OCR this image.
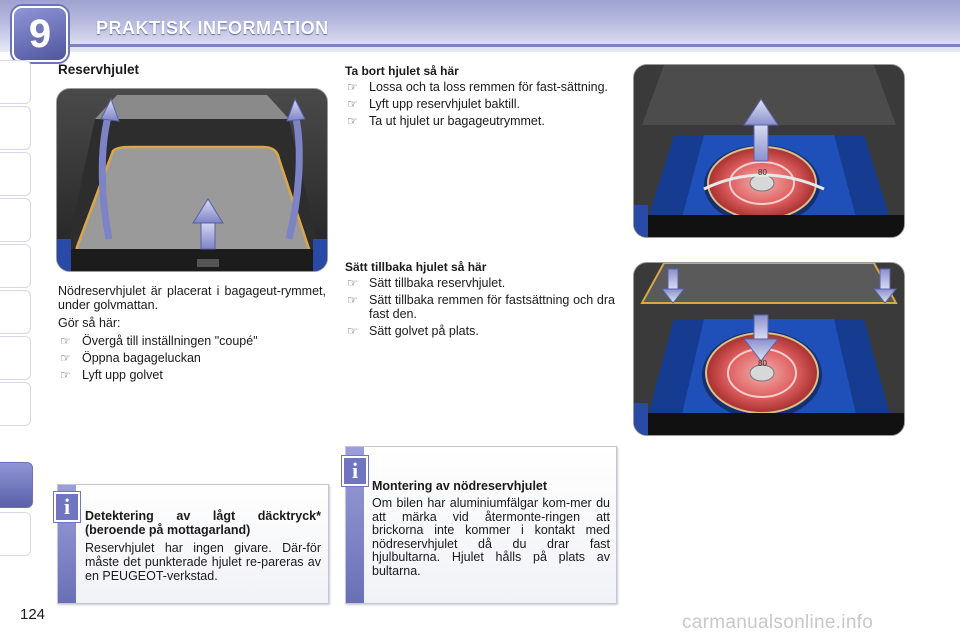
9	PRAKTISK INFORMATION
Reservhjulet

Nödreservhjulet är placerat i bagageut-rymmet, under golvmattan.

Gör så här:

☞ Övergå till inställningen "coupé"
☞ Öppna bagageluckan
☞ Lyft upp golvet
Ta bort hjulet så här
☞ Lossa och ta loss remmen för fast-sättning.
☞ Lyft upp reservhjulet baktill.
☞ Ta ut hjulet ur bagageutrymmet.
Sätt tillbaka hjulet så här
☞ Sätt tillbaka reservhjulet.
☞ Sätt tillbaka remmen för fastsättning och dra fast den.
☞ Sätt golvet på plats.
80
80
Detektering av lågt däcktryck* (beroende på mottagarland)
Reservhjulet har ingen givare. Där-för måste det punkterade hjulet re-pareras av en PEUGEOT-verkstad.
i
Montering av nödreservhjulet
Om bilen har aluminiumfälgar kom-mer du att märka vid återmonte-ringen att brickorna inte kommer i kontakt med nödreservhjulet då du drar fast hjulbultarna. Hjulet hålls på plats av bultarna.
i
124	carmanualsonline.info
